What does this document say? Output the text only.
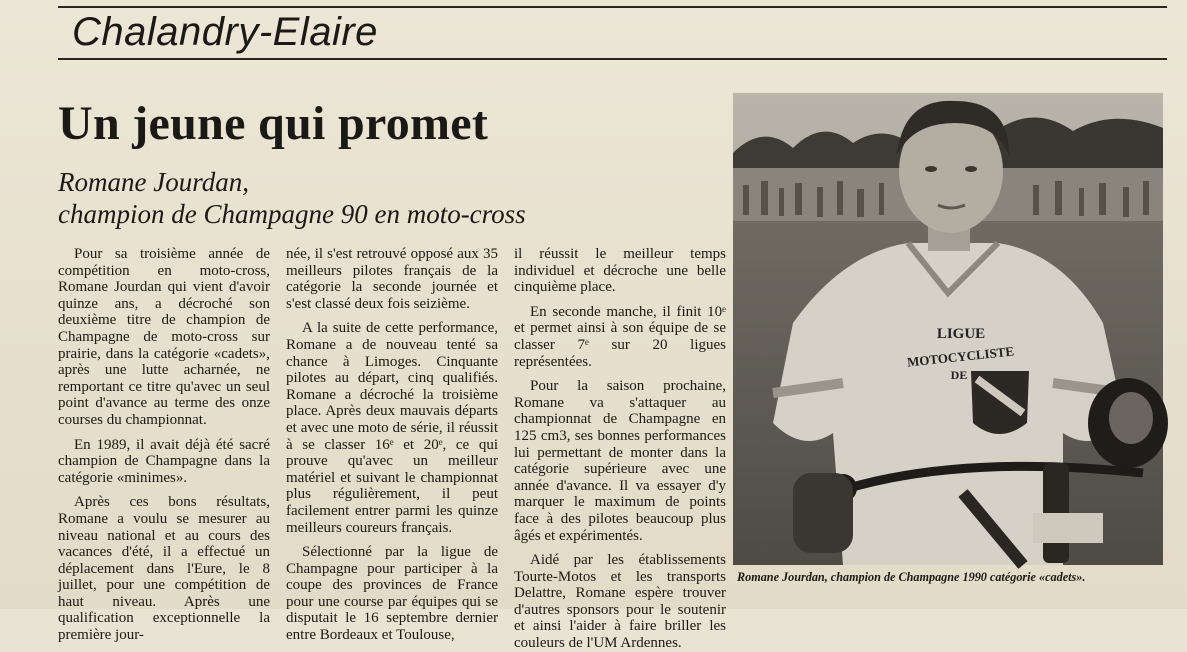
Chalandry-Elaire
Un jeune qui promet
Romane Jourdan,
champion de Champagne 90 en moto-cross

Pour sa troisième année de compétition en moto-cross, Romane Jourdan qui vient d'avoir quinze ans, a décroché son deuxième titre de champion de Champagne de moto-cross sur prairie, dans la catégorie «cadets», après une lutte acharnée, ne remportant ce titre qu'avec un seul point d'avance au terme des onze courses du championnat.

En 1989, il avait déjà été sacré champion de Champagne dans la catégorie «minimes».

Après ces bons résultats, Romane a voulu se mesurer au niveau national et au cours des vacances d'été, il a effectué un déplacement dans l'Eure, le 8 juillet, pour une compétition de haut niveau. Après une qualification exceptionnelle la première jour-

née, il s'est retrouvé opposé aux 35 meilleurs pilotes français de la catégorie la seconde journée et s'est classé deux fois seizième.

A la suite de cette performance, Romane a de nouveau tenté sa chance à Limoges. Cinquante pilotes au départ, cinq qualifiés. Romane a décroché la troisième place. Après deux mauvais départs et avec une moto de série, il réussit à se classer 16ᵉ et 20ᵉ, ce qui prouve qu'avec un meilleur matériel et suivant le championnat plus régulièrement, il peut facilement entrer parmi les quinze meilleurs coureurs français.

Sélectionné par la ligue de Champagne pour participer à la coupe des provinces de France pour une course par équipes qui se disputait le 16 septembre dernier entre Bordeaux et Toulouse,

il réussit le meilleur temps individuel et décroche une belle cinquième place.

En seconde manche, il finit 10ᵉ et permet ainsi à son équipe de se classer 7ᵉ sur 20 ligues représentées.

Pour la saison prochaine, Romane va s'attaquer au championnat de Champagne en 125 cm3, ses bonnes performances lui permettant de monter dans la catégorie supérieure avec une année d'avance. Il va essayer d'y marquer le maximum de points face à des pilotes beaucoup plus âgés et expérimentés.

Aidé par les établissements Tourte-Motos et les transports Delattre, Romane espère trouver d'autres sponsors pour le soutenir et ainsi l'aider à faire briller les couleurs de l'UM Ardennes.

LIGUE
MOTOCYCLISTE
DE
Romane Jourdan, champion de Champagne 1990 catégorie «cadets».
